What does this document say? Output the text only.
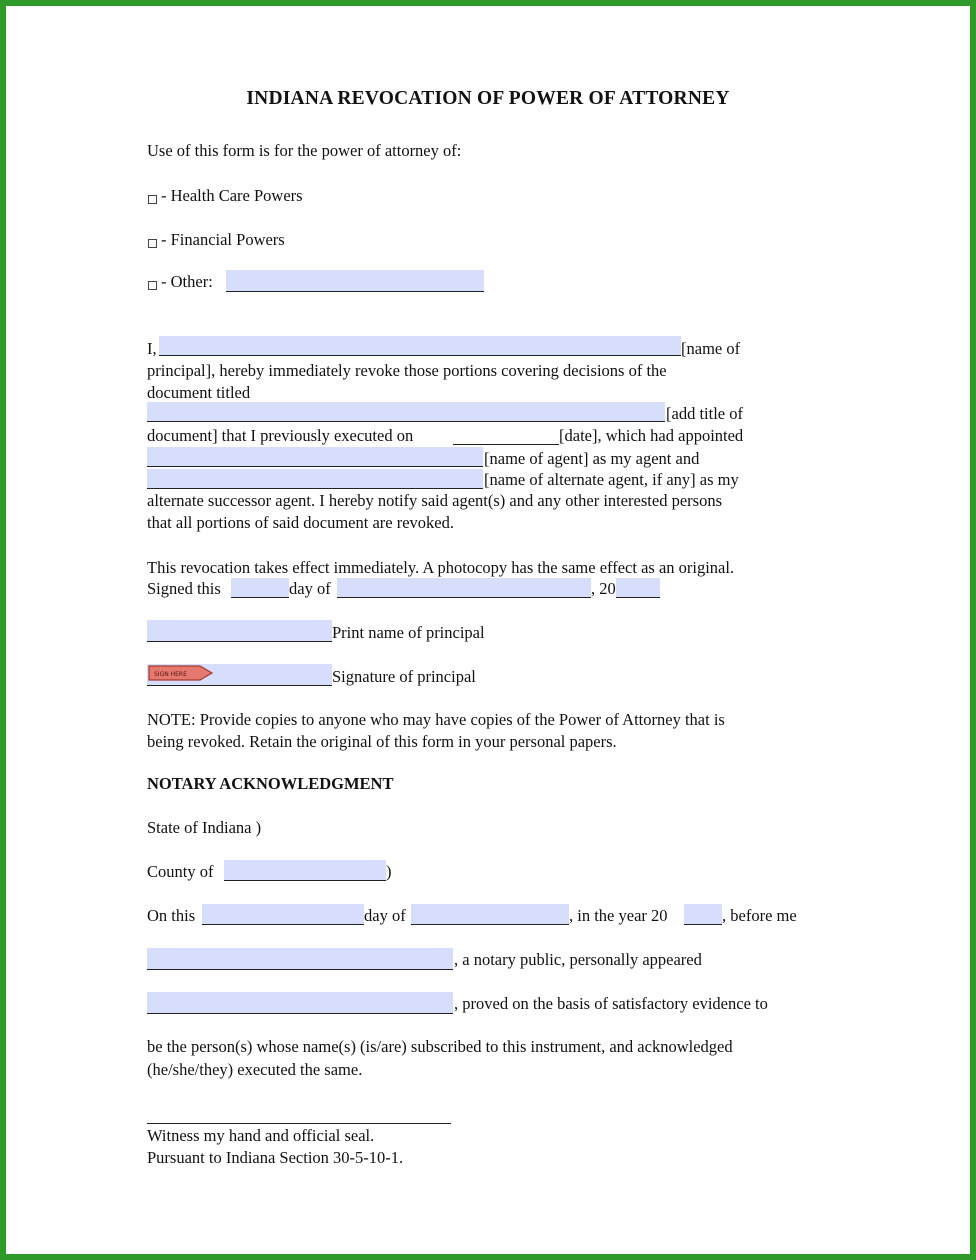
INDIANA REVOCATION OF POWER OF ATTORNEY
Use of this form is for the power of attorney of:
- Health Care Powers
- Financial Powers
- Other:
I,	[name of
principal], hereby immediately revoke those portions covering decisions of the
document titled
[add title of
document] that I previously executed on	[date], which had appointed
[name of agent] as my agent and
[name of alternate agent, if any] as my
alternate successor agent. I hereby notify said agent(s) and any other interested persons
that all portions of said document are revoked.
This revocation takes effect immediately. A photocopy has the same effect as an original.
Signed this	day of	, 20
Print name of principal
SIGN HERE	Signature of principal
NOTE: Provide copies to anyone who may have copies of the Power of Attorney that is
being revoked. Retain the original of this form in your personal papers.
NOTARY ACKNOWLEDGMENT
State of Indiana )
County of	)
On this	day of	, in the year 20	, before me
, a notary public, personally appeared
, proved on the basis of satisfactory evidence to
be the person(s) whose name(s) (is/are) subscribed to this instrument, and acknowledged
(he/she/they) executed the same.
Witness my hand and official seal.
Pursuant to Indiana Section 30-5-10-1.
